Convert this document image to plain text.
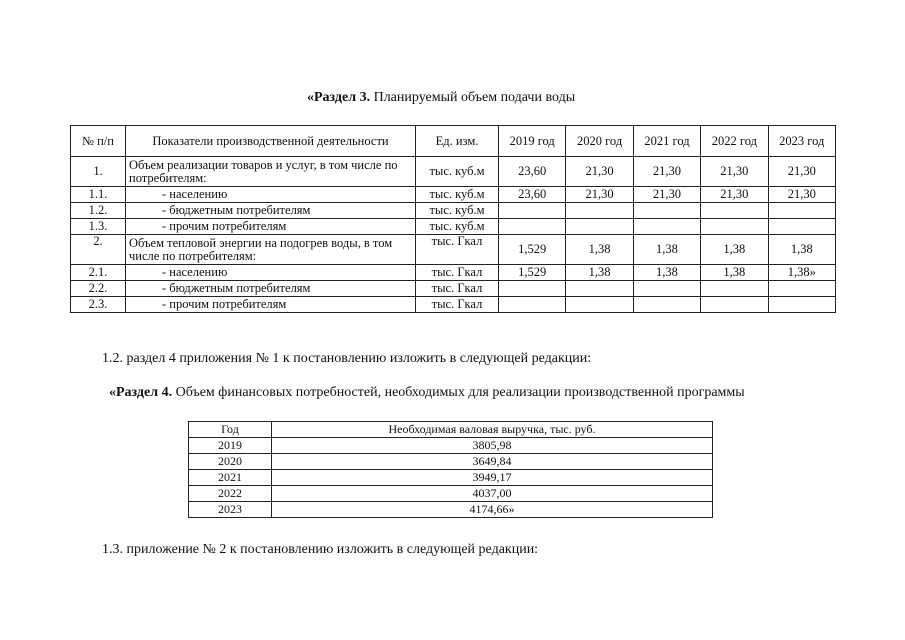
«Раздел 3. Планируемый объем подачи воды
№ п/п	Показатели производственной деятельности	Ед. изм.	2019 год	2020 год	2021 год	2022 год	2023 год
1.	Объем реализации товаров и услуг, в том числе по потребителям:	тыс. куб.м	23,60	21,30	21,30	21,30	21,30
1.1.	- населению	тыс. куб.м	23,60	21,30	21,30	21,30	21,30
1.2.	- бюджетным потребителям	тыс. куб.м					
1.3.	- прочим потребителям	тыс. куб.м					
2.	Объем тепловой энергии на подогрев воды, в том числе по потребителям:	тыс. Гкал	1,529	1,38	1,38	1,38	1,38
2.1.	- населению	тыс. Гкал	1,529	1,38	1,38	1,38	1,38»
2.2.	- бюджетным потребителям	тыс. Гкал					
2.3.	- прочим потребителям	тыс. Гкал					
1.2. раздел 4 приложения № 1 к постановлению изложить в следующей редакции:
«Раздел 4. Объем финансовых потребностей, необходимых для реализации производственной программы
Год	Необходимая валовая выручка, тыс. руб.
2019	3805,98
2020	3649,84
2021	3949,17
2022	4037,00
2023	4174,66»
1.3. приложение № 2 к постановлению изложить в следующей редакции:
